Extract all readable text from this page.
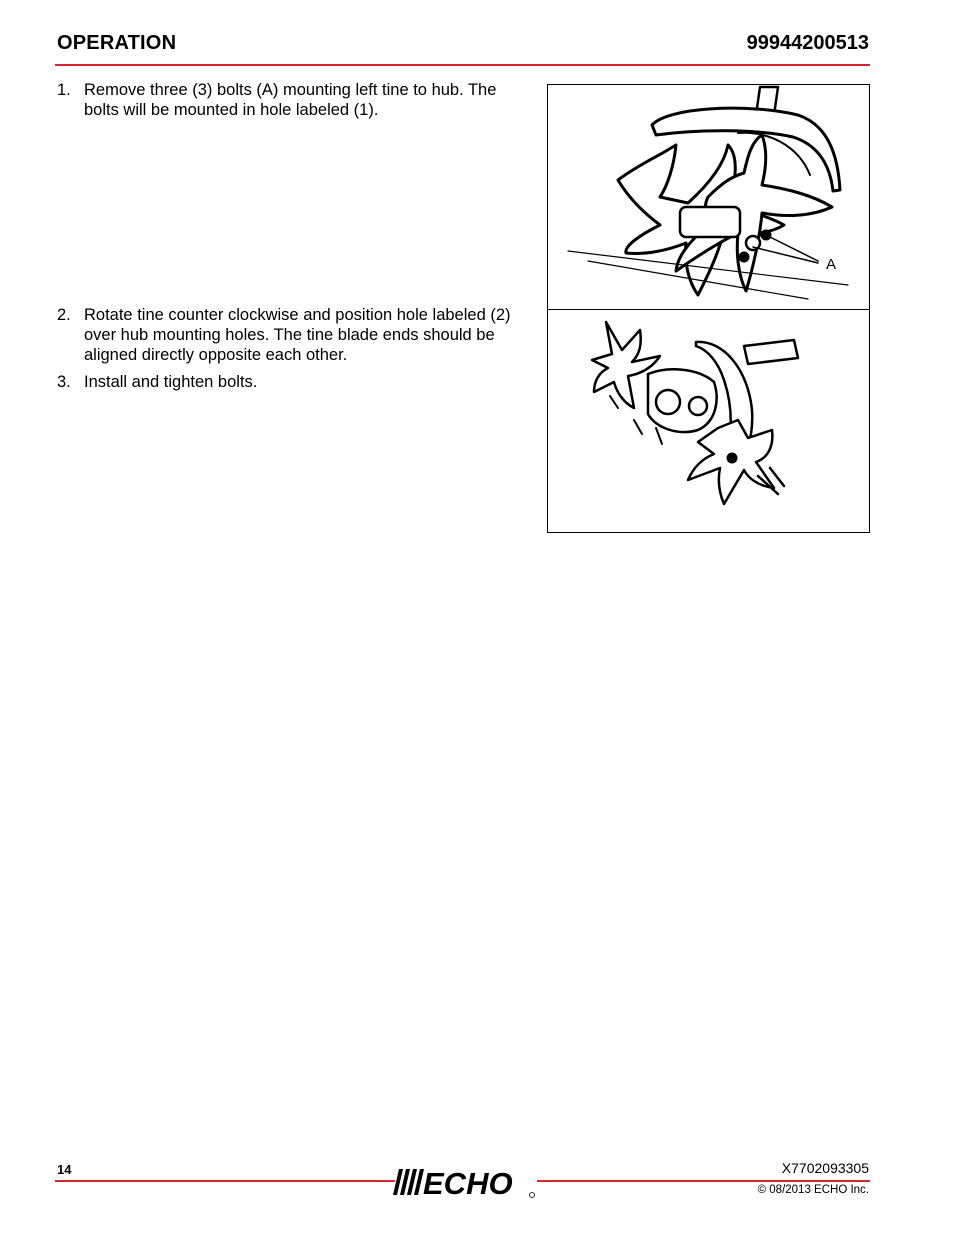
OPERATION	99944200513
1. Remove three (3) bolts (A) mounting left tine to hub. The bolts will be mounted in hole labeled (1).
2. Rotate tine counter clockwise and position hole labeled (2) over hub mounting holes. The tine blade ends should be aligned directly opposite each other.
3. Install and tighten bolts.
A
14	X7702093305
© 08/2013 ECHO Inc.
ECHO
